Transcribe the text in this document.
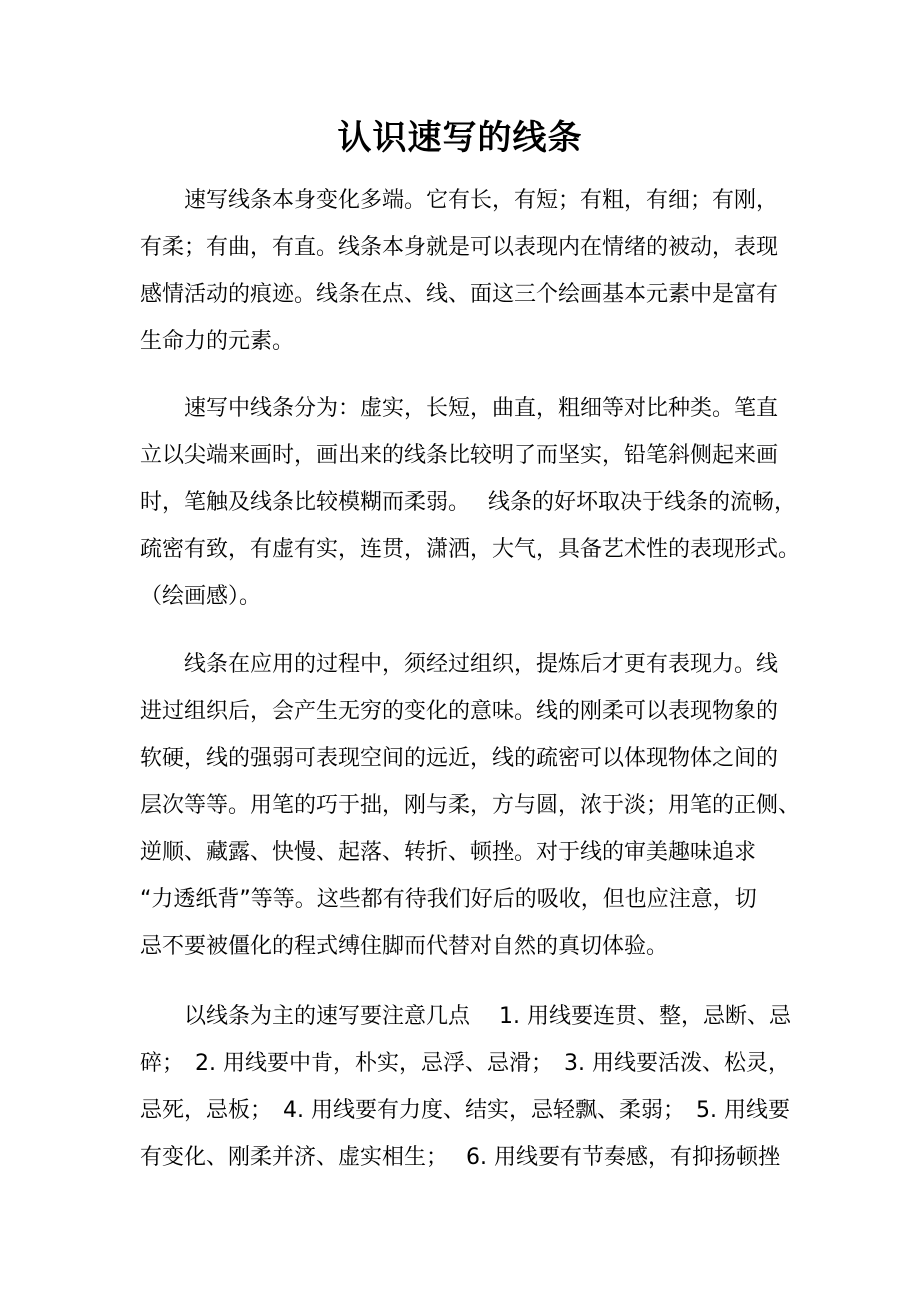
认识速写的线条
　　速写线条本身变化多端。它有长，有短；有粗，有细；有刚，
有柔；有曲，有直。线条本身就是可以表现内在情绪的被动，表现
感情活动的痕迹。线条在点、线、面这三个绘画基本元素中是富有
生命力的元素。
　　速写中线条分为：虚实，长短，曲直，粗细等对比种类。笔直
立以尖端来画时，画出来的线条比较明了而坚实，铅笔斜侧起来画
时，笔触及线条比较模糊而柔弱。　 线条的好坏取决于线条的流畅，
疏密有致，有虚有实，连贯，潇洒，大气，具备艺术性的表现形式。
（绘画感）。
　　线条在应用的过程中，须经过组织，提炼后才更有表现力。线
进过组织后，会产生无穷的变化的意味。线的刚柔可以表现物象的
软硬，线的强弱可表现空间的远近，线的疏密可以体现物体之间的
层次等等。用笔的巧于拙，刚与柔，方与圆，浓于淡；用笔的正侧、
逆顺、藏露、快慢、起落、转折、顿挫。对于线的审美趣味追求
“力透纸背”等等。这些都有待我们好后的吸收，但也应注意，切
忌不要被僵化的程式缚住脚而代替对自然的真切体验。
　　以线条为主的速写要注意几点　 1. 用线要连贯、整，忌断、忌
碎；　2. 用线要中肯，朴实，忌浮、忌滑；　3. 用线要活泼、松灵，
忌死，忌板；　4. 用线要有力度、结实，忌轻飘、柔弱；　5. 用线要
有变化、刚柔并济、虚实相生；　 6. 用线要有节奏感，有抑扬顿挫
